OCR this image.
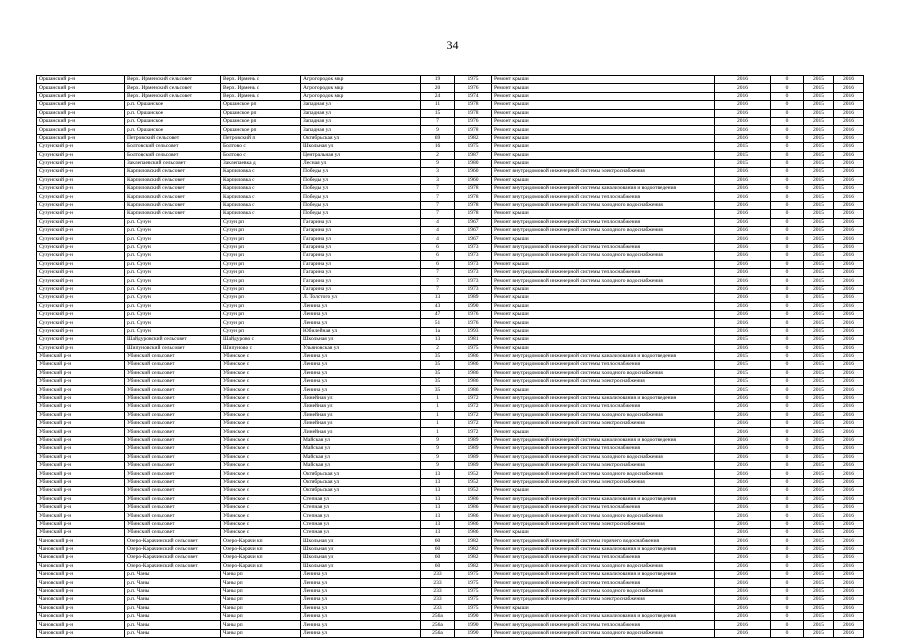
34
Оршанский р-н	Верх. Ирменский сельсовет	Верх. Ирмень с	Агрогородок мкр	19	1975	Ремонт крыши	2016	0	2015	2016
Оршанский р-н	Верх. Ирменский сельсовет	Верх. Ирмень с	Агрогородок мкр	20	1976	Ремонт крыши	2016	0	2015	2016
Оршанский р-н	Верх. Ирменский сельсовет	Верх. Ирмень с	Агрогородок мкр	24	1974	Ремонт крыши	2016	0	2015	2016
Оршанский р-н	р.п. Оршанское	Оршанское рп	Западная ул	11	1978	Ремонт крыши	2016	0	2015	2016
Оршанский р-н	р.п. Оршанское	Оршанское рп	Западная ул	15	1978	Ремонт крыши	2016	0	2015	2016
Оршанский р-н	р.п. Оршанское	Оршанское рп	Западная ул	7	1976	Ремонт крыши	2016	0	2015	2016
Оршанский р-н	р.п. Оршанское	Оршанское рп	Западная ул	9	1978	Ремонт крыши	2016	0	2015	2016
Оршанский р-н	Петровский сельсовет	Петровский п	Октябрьская ул	69	1982	Ремонт крыши	2016	0	2015	2016
Сузунский р-н	Болтовский сельсовет	Болтово с	Школьная ул	16	1975	Ремонт крыши	2015	0	2015	2016
Сузунский р-н	Болтовский сельсовет	Болтово с	Центральная ул	2	1987	Ремонт крыши	2015	0	2015	2016
Сузунский р-н	Заклепаевский сельсовет	Заклепаевка д	Лесная ул	9	1980	Ремонт крыши	2015	0	2015	2016
Сузунский р-н	Карпиловский сельсовет	Карпиловка с	Победы ул	3	1960	Ремонт внутридомовой инженерной системы электроснабжения	2016	0	2015	2016
Сузунский р-н	Карпиловский сельсовет	Карпиловка с	Победы ул	3	1960	Ремонт крыши	2016	0	2015	2016
Сузунский р-н	Карпиловский сельсовет	Карпиловка с	Победы ул	7	1978	Ремонт внутридомовой инженерной системы канализования и водоотведения	2016	0	2015	2016
Сузунский р-н	Карпиловский сельсовет	Карпиловка с	Победы ул	7	1978	Ремонт внутридомовой инженерной системы теплоснабжения	2016	0	2015	2016
Сузунский р-н	Карпиловский сельсовет	Карпиловка с	Победы ул	7	1978	Ремонт внутридомовой инженерной системы холодного водоснабжения	2016	0	2015	2016
Сузунский р-н	Карпиловский сельсовет	Карпиловка с	Победы ул	7	1978	Ремонт крыши	2016	0	2015	2016
Сузунский р-н	р.п. Сузун	Сузун рп	Гагарина ул	4	1967	Ремонт внутридомовой инженерной системы теплоснабжения	2016	0	2015	2016
Сузунский р-н	р.п. Сузун	Сузун рп	Гагарина ул	4	1967	Ремонт внутридомовой инженерной системы холодного водоснабжения	2016	0	2015	2016
Сузунский р-н	р.п. Сузун	Сузун рп	Гагарина ул	4	1967	Ремонт крыши	2016	0	2015	2016
Сузунский р-н	р.п. Сузун	Сузун рп	Гагарина ул	6	1973	Ремонт внутридомовой инженерной системы теплоснабжения	2016	0	2015	2016
Сузунский р-н	р.п. Сузун	Сузун рп	Гагарина ул	6	1973	Ремонт внутридомовой инженерной системы холодного водоснабжения	2016	0	2015	2016
Сузунский р-н	р.п. Сузун	Сузун рп	Гагарина ул	6	1973	Ремонт крыши	2016	0	2015	2016
Сузунский р-н	р.п. Сузун	Сузун рп	Гагарина ул	7	1973	Ремонт внутридомовой инженерной системы теплоснабжения	2016	0	2015	2016
Сузунский р-н	р.п. Сузун	Сузун рп	Гагарина ул	7	1973	Ремонт внутридомовой инженерной системы холодного водоснабжения	2016	0	2015	2016
Сузунский р-н	р.п. Сузун	Сузун рп	Гагарина ул	7	1973	Ремонт крыши	2016	0	2015	2016
Сузунский р-н	р.п. Сузун	Сузун рп	Л. Толстого ул	13	1989	Ремонт крыши	2016	0	2015	2016
Сузунский р-н	р.п. Сузун	Сузун рп	Ленина ул	43	1990	Ремонт крыши	2016	0	2015	2016
Сузунский р-н	р.п. Сузун	Сузун рп	Ленина ул	47	1976	Ремонт крыши	2016	0	2015	2016
Сузунский р-н	р.п. Сузун	Сузун рп	Ленина ул	51	1976	Ремонт крыши	2016	0	2015	2016
Сузунский р-н	р.п. Сузун	Сузун рп	Юбилейная ул	1а	1993	Ремонт крыши	2016	0	2015	2016
Сузунский р-н	Шайдуровский сельсовет	Шайдурово с	Школьная ул	13	1981	Ремонт крыши	2015	0	2015	2016
Сузунский р-н	Шипуновский сельсовет	Шипуново с	Ульяновская ул	2	1975	Ремонт крыши	2016	0	2015	2016
Убинский р-н	Убинский сельсовет	Убинское с	Ленина ул	35	1986	Ремонт внутридомовой инженерной системы канализования и водоотведения	2015	0	2015	2016
Убинский р-н	Убинский сельсовет	Убинское с	Ленина ул	35	1986	Ремонт внутридомовой инженерной системы теплоснабжения	2015	0	2015	2016
Убинский р-н	Убинский сельсовет	Убинское с	Ленина ул	35	1986	Ремонт внутридомовой инженерной системы холодного водоснабжения	2015	0	2015	2016
Убинский р-н	Убинский сельсовет	Убинское с	Ленина ул	35	1986	Ремонт внутридомовой инженерной системы электроснабжения	2015	0	2015	2016
Убинский р-н	Убинский сельсовет	Убинское с	Ленина ул	35	1986	Ремонт крыши	2015	0	2015	2016
Убинский р-н	Убинский сельсовет	Убинское с	Линейная ул	1	1972	Ремонт внутридомовой инженерной системы канализования и водоотведения	2016	0	2015	2016
Убинский р-н	Убинский сельсовет	Убинское с	Линейная ул	1	1972	Ремонт внутридомовой инженерной системы теплоснабжения	2016	0	2015	2016
Убинский р-н	Убинский сельсовет	Убинское с	Линейная ул	1	1972	Ремонт внутридомовой инженерной системы холодного водоснабжения	2016	0	2015	2016
Убинский р-н	Убинский сельсовет	Убинское с	Линейная ул	1	1972	Ремонт внутридомовой инженерной системы электроснабжения	2016	0	2015	2016
Убинский р-н	Убинский сельсовет	Убинское с	Линейная ул	1	1972	Ремонт крыши	2016	0	2015	2016
Убинский р-н	Убинский сельсовет	Убинское с	Майская ул	9	1989	Ремонт внутридомовой инженерной системы канализования и водоотведения	2016	0	2015	2016
Убинский р-н	Убинский сельсовет	Убинское с	Майская ул	9	1989	Ремонт внутридомовой инженерной системы теплоснабжения	2016	0	2015	2016
Убинский р-н	Убинский сельсовет	Убинское с	Майская ул	9	1989	Ремонт внутридомовой инженерной системы холодного водоснабжения	2016	0	2015	2016
Убинский р-н	Убинский сельсовет	Убинское с	Майская ул	9	1989	Ремонт внутридомовой инженерной системы электроснабжения	2016	0	2015	2016
Убинский р-н	Убинский сельсовет	Убинское с	Октябрьская ул	13	1952	Ремонт внутридомовой инженерной системы холодного водоснабжения	2016	0	2015	2016
Убинский р-н	Убинский сельсовет	Убинское с	Октябрьская ул	13	1952	Ремонт внутридомовой инженерной системы электроснабжения	2016	0	2015	2016
Убинский р-н	Убинский сельсовет	Убинское с	Октябрьская ул	13	1952	Ремонт крыши	2016	0	2015	2016
Убинский р-н	Убинский сельсовет	Убинское с	Степная ул	13	1986	Ремонт внутридомовой инженерной системы канализования и водоотведения	2016	0	2015	2016
Убинский р-н	Убинский сельсовет	Убинское с	Степная ул	13	1986	Ремонт внутридомовой инженерной системы теплоснабжения	2016	0	2015	2016
Убинский р-н	Убинский сельсовет	Убинское с	Степная ул	13	1986	Ремонт внутридомовой инженерной системы холодного водоснабжения	2016	0	2015	2016
Убинский р-н	Убинский сельсовет	Убинское с	Степная ул	13	1986	Ремонт внутридомовой инженерной системы электроснабжения	2016	0	2015	2016
Убинский р-н	Убинский сельсовет	Убинское с	Степная ул	13	1986	Ремонт крыши	2016	0	2015	2016
Чановский р-н	Озеро-Карачинский сельсовет	Озеро-Карачи кп	Школьная ул	60	1982	Ремонт внутридомовой инженерной системы горячего водоснабжения	2016	0	2015	2016
Чановский р-н	Озеро-Карачинский сельсовет	Озеро-Карачи кп	Школьная ул	60	1982	Ремонт внутридомовой инженерной системы канализования и водоотведения	2016	0	2015	2016
Чановский р-н	Озеро-Карачинский сельсовет	Озеро-Карачи кп	Школьная ул	60	1982	Ремонт внутридомовой инженерной системы теплоснабжения	2016	0	2015	2016
Чановский р-н	Озеро-Карачинский сельсовет	Озеро-Карачи кп	Школьная ул	60	1982	Ремонт внутридомовой инженерной системы холодного водоснабжения	2016	0	2015	2016
Чановский р-н	р.п. Чаны	Чаны рп	Ленина ул	233	1975	Ремонт внутридомовой инженерной системы канализования и водоотведения	2016	0	2015	2016
Чановский р-н	р.п. Чаны	Чаны рп	Ленина ул	233	1975	Ремонт внутридомовой инженерной системы теплоснабжения	2016	0	2015	2016
Чановский р-н	р.п. Чаны	Чаны рп	Ленина ул	233	1975	Ремонт внутридомовой инженерной системы холодного водоснабжения	2016	0	2015	2016
Чановский р-н	р.п. Чаны	Чаны рп	Ленина ул	233	1975	Ремонт внутридомовой инженерной системы электроснабжения	2016	0	2015	2016
Чановский р-н	р.п. Чаны	Чаны рп	Ленина ул	233	1975	Ремонт крыши	2016	0	2015	2016
Чановский р-н	р.п. Чаны	Чаны рп	Ленина ул	256а	1990	Ремонт внутридомовой инженерной системы канализования и водоотведения	2016	0	2015	2016
Чановский р-н	р.п. Чаны	Чаны рп	Ленина ул	256а	1990	Ремонт внутридомовой инженерной системы теплоснабжения	2016	0	2015	2016
Чановский р-н	р.п. Чаны	Чаны рп	Ленина ул	256а	1990	Ремонт внутридомовой инженерной системы холодного водоснабжения	2016	0	2015	2016
